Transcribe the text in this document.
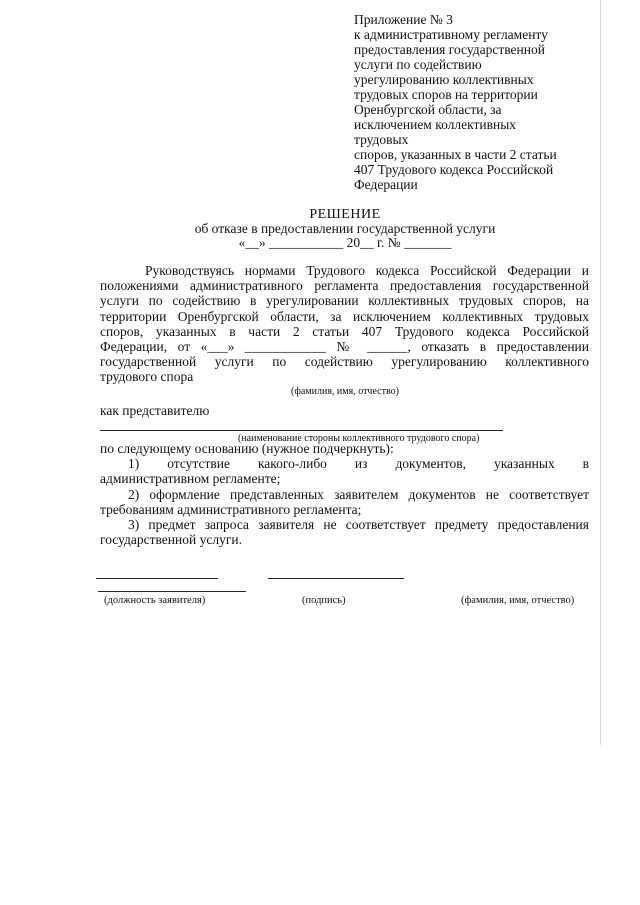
Приложение № 3
к административному регламенту
предоставления государственной
услуги по содействию
урегулированию коллективных
трудовых споров на территории
Оренбургской области, за
исключением коллективных
трудовых
споров, указанных в части 2 статьи
407 Трудового кодекса Российской
Федерации
РЕШЕНИЕ
об отказе в предоставлении государственной услуги
«__» ___________ 20__ г. № _______
Руководствуясь нормами Трудового кодекса Российской Федерации и
положениями административного регламента предоставления государственной
услуги по содействию в урегулировании коллективных трудовых споров, на
территории Оренбургской области, за исключением коллективных трудовых
споров, указанных в части 2 статьи 407 Трудового кодекса Российской
Федерации, от «___» ____________ № ______, отказать в предоставлении
государственной услуги по содействию урегулированию коллективного
трудового спора
(фамилия, имя, отчество)
как представителю
(наименование стороны коллективного трудового спора)
по следующему основанию (нужное подчеркнуть):
1) отсутствие какого-либо из документов, указанных в
административном регламенте;
2) оформление представленных заявителем документов не соответствует
требованиям административного регламента;
3) предмет запроса заявителя не соответствует предмету предоставления
государственной услуги.
(должность заявителя)	(подпись)	(фамилия, имя, отчество)
